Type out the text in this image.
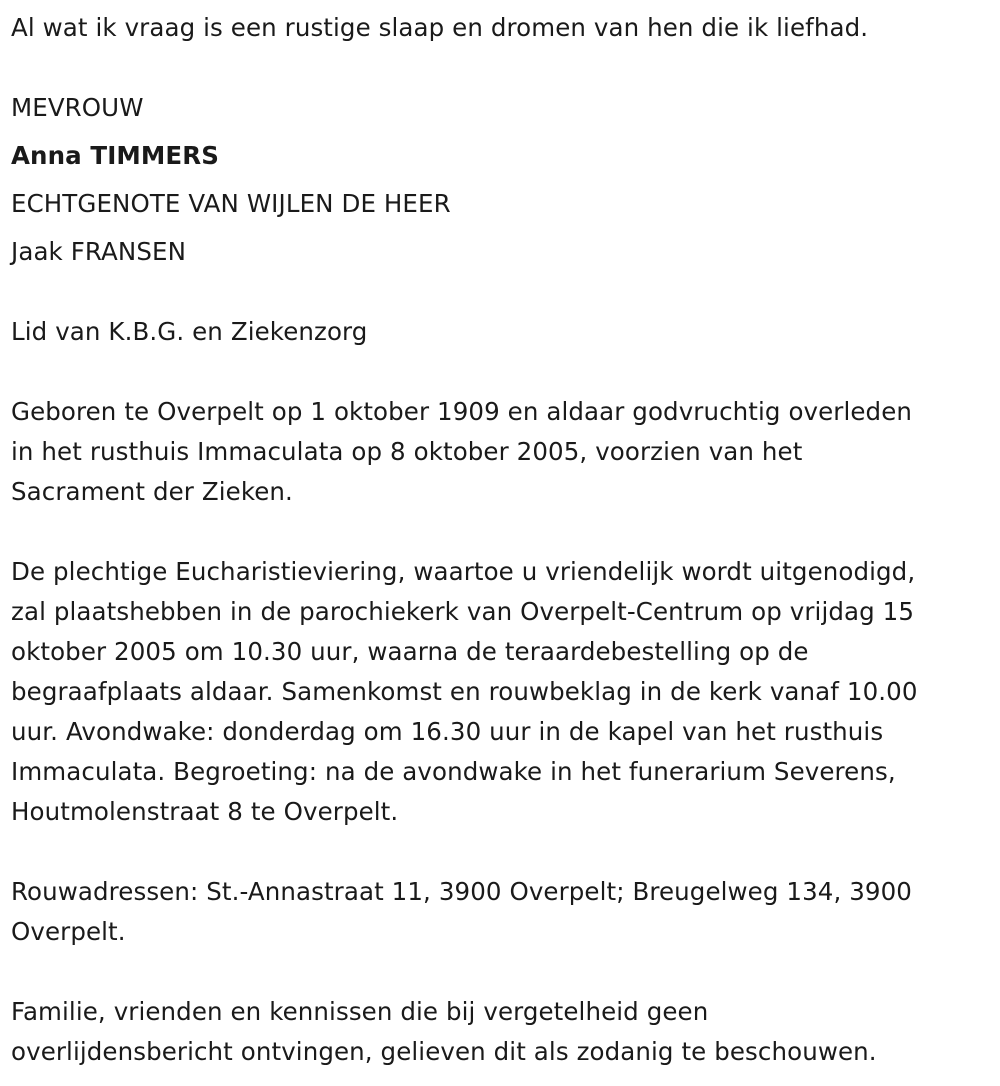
Al wat ik vraag is een rustige slaap en dromen van hen die ik liefhad.
MEVROUW
Anna TIMMERS
ECHTGENOTE VAN WIJLEN DE HEER
Jaak FRANSEN
Lid van K.B.G. en Ziekenzorg
Geboren te Overpelt op 1 oktober 1909 en aldaar godvruchtig overleden
in het rusthuis Immaculata op 8 oktober 2005, voorzien van het
Sacrament der Zieken.
De plechtige Eucharistieviering, waartoe u vriendelijk wordt uitgenodigd,
zal plaatshebben in de parochiekerk van Overpelt-Centrum op vrijdag 15
oktober 2005 om 10.30 uur, waarna de teraardebestelling op de
begraafplaats aldaar. Samenkomst en rouwbeklag in de kerk vanaf 10.00
uur. Avondwake: donderdag om 16.30 uur in de kapel van het rusthuis
Immaculata. Begroeting: na de avondwake in het funerarium Severens,
Houtmolenstraat 8 te Overpelt.
Rouwadressen: St.-Annastraat 11, 3900 Overpelt; Breugelweg 134, 3900
Overpelt.
Familie, vrienden en kennissen die bij vergetelheid geen
overlijdensbericht ontvingen, gelieven dit als zodanig te beschouwen.
